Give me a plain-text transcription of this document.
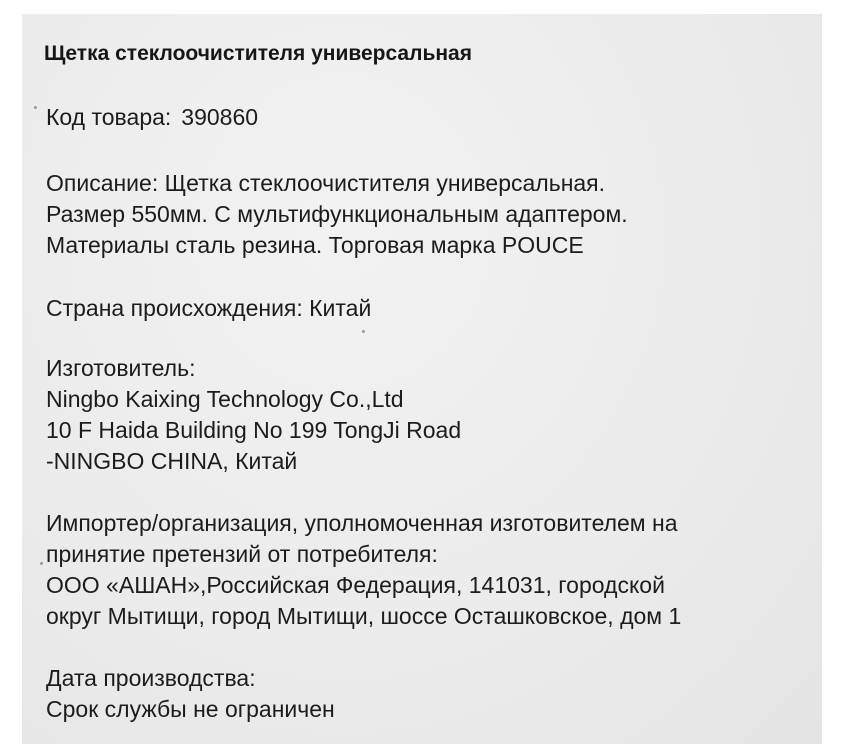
Щетка стеклоочистителя универсальная
Код товара: 390860
Описание: Щетка стеклоочистителя универсальная.
Размер 550мм. С мультифункциональным адаптером.
Материалы сталь резина. Торговая марка POUCE
Страна происхождения: Китай
Изготовитель:
Ningbo Kaixing Technology Co.,Ltd
10 F Haida Building No 199 TongJi Road
-NINGBO CHINA, Китай
Импортер/организация, уполномоченная изготовителем на
принятие претензий от потребителя:
ООО «АШАН»,Российская Федерация, 141031, городской
округ Мытищи, город Мытищи, шоссе Осташковское, дом 1
Дата производства:
Срок службы не ограничен
